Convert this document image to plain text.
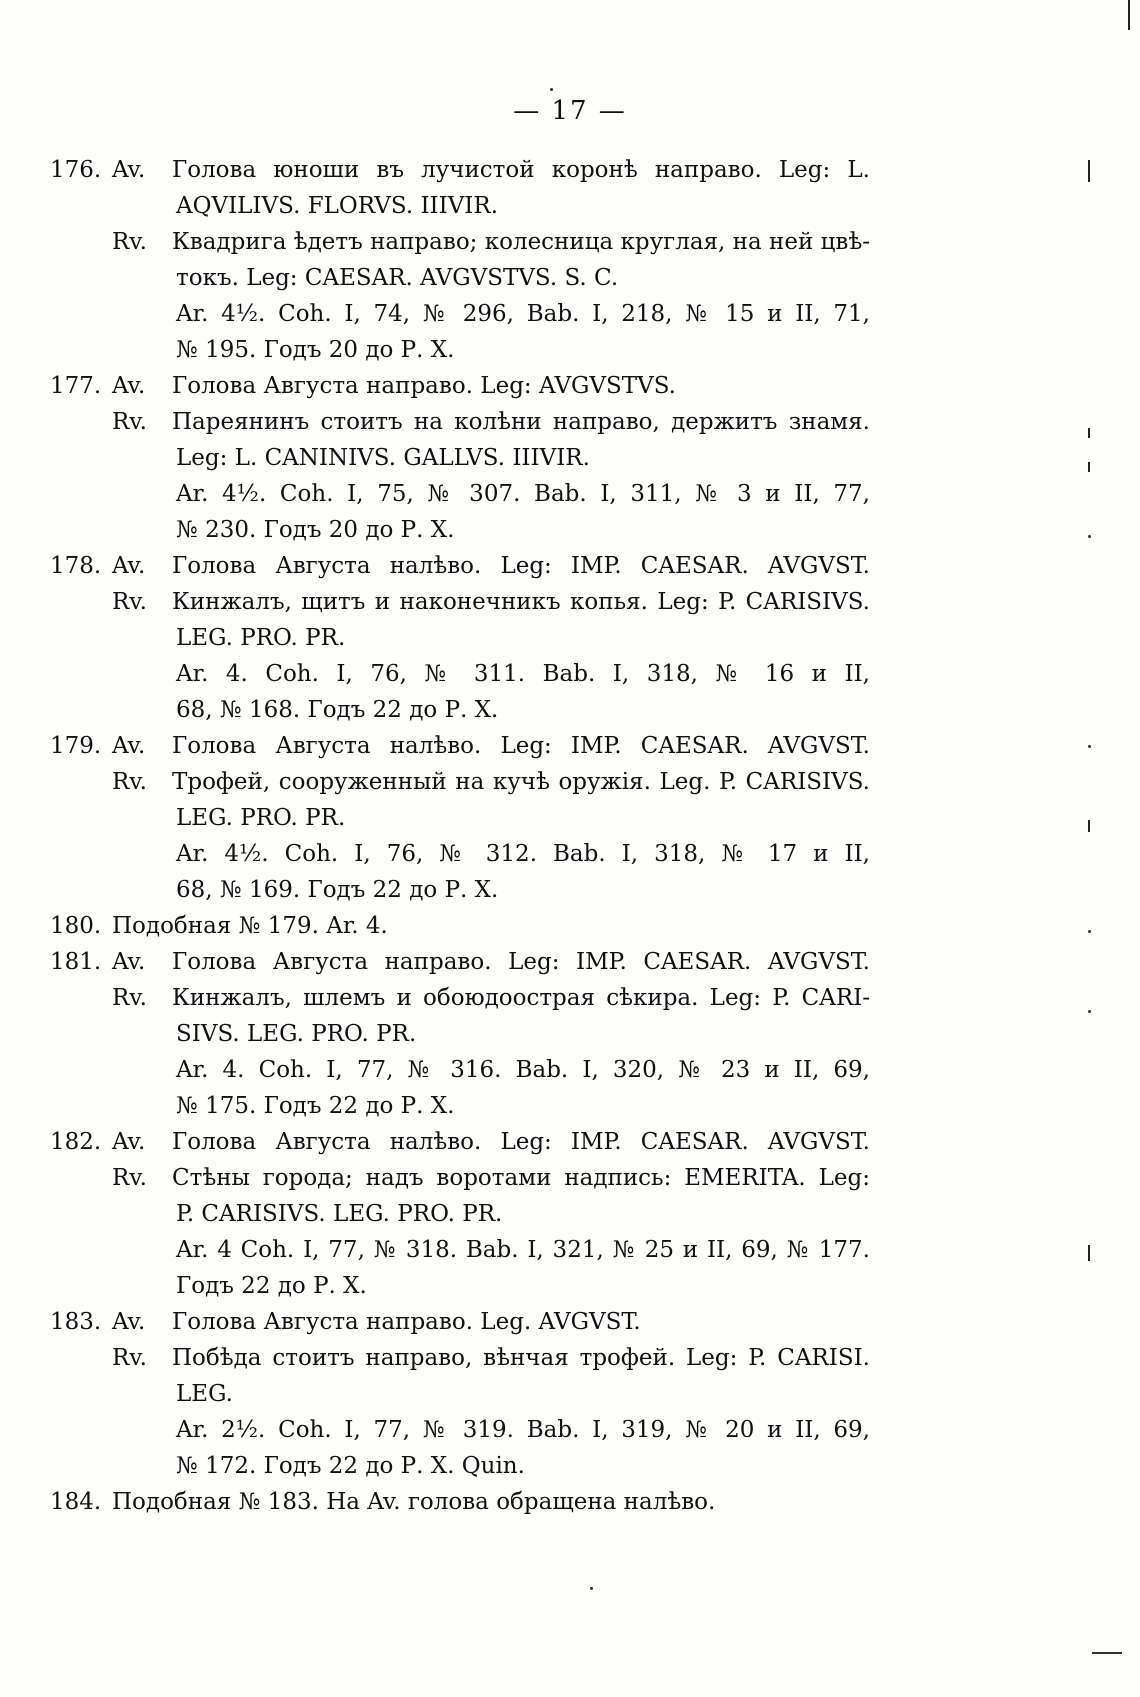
— 17 —
176. Av. Голова юноши въ лучистой коронѣ направо. Leg: L.
AQVILIVS. FLORVS. IIIVIR.
Rv. Квадрига ѣдетъ направо; колесница круглая, на ней цвѣ-
токъ. Leg: CAESAR. AVGVSTVS. S. C.
Ar. 4½. Coh. I, 74, № 296, Bab. I, 218, № 15 и II, 71,
№ 195. Годъ 20 до Р. X.
177. Av. Голова Августа направо. Leg: AVGVSTVS.
Rv. Пареянинъ стоитъ на колѣни направо, держитъ знамя.
Leg: L. CANINIVS. GALLVS. IIIVIR.
Ar. 4½. Coh. I, 75, № 307. Bab. I, 311, № 3 и II, 77,
№ 230. Годъ 20 до Р. X.
178. Av. Голова Августа налѣво. Leg: IMP. CAESAR. AVGVST.
Rv. Кинжалъ, щитъ и наконечникъ копья. Leg: P. CARISIVS.
LEG. PRO. PR.
Ar. 4. Coh. I, 76, № 311. Bab. I, 318, № 16 и II,
68, № 168. Годъ 22 до Р. X.
179. Av. Голова Августа налѣво. Leg: IMP. CAESAR. AVGVST.
Rv. Трофей, сооруженный на кучѣ оружія. Leg. P. CARISIVS.
LEG. PRO. PR.
Ar. 4½. Coh. I, 76, № 312. Bab. I, 318, № 17 и II,
68, № 169. Годъ 22 до Р. X.
180. Подобная № 179. Ar. 4.
181. Av. Голова Августа направо. Leg: IMP. CAESAR. AVGVST.
Rv. Кинжалъ, шлемъ и обоюдоострая сѣкира. Leg: P. CARI-
SIVS. LEG. PRO. PR.
Ar. 4. Coh. I, 77, № 316. Bab. I, 320, № 23 и II, 69,
№ 175. Годъ 22 до Р. X.
182. Av. Голова Августа налѣво. Leg: IMP. CAESAR. AVGVST.
Rv. Стѣны города; надъ воротами надпись: EMERITA. Leg:
P. CARISIVS. LEG. PRO. PR.
Ar. 4 Coh. I, 77, № 318. Bab. I, 321, № 25 и II, 69, № 177.
Годъ 22 до Р. X.
183. Av. Голова Августа направо. Leg. AVGVST.
Rv. Побѣда стоитъ направо, вѣнчая трофей. Leg: P. CARISI.
LEG.
Ar. 2½. Coh. I, 77, № 319. Bab. I, 319, № 20 и II, 69,
№ 172. Годъ 22 до Р. X. Quin.
184. Подобная № 183. На Av. голова обращена налѣво.
